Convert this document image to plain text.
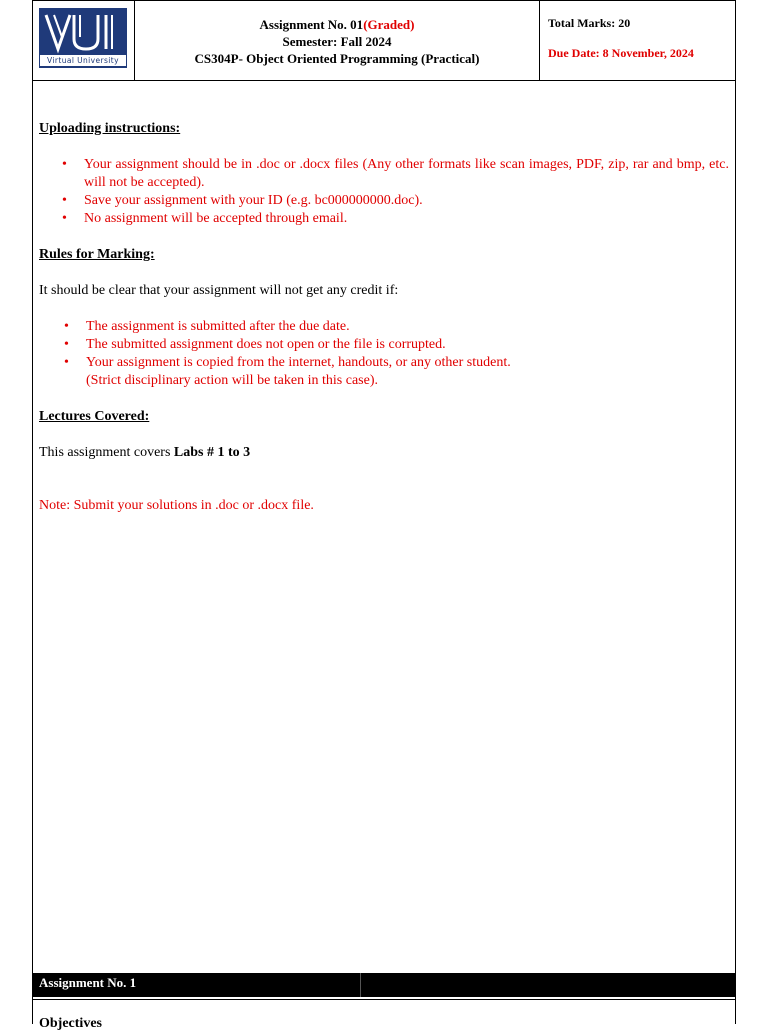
Virtual University
Assignment No. 01(Graded)
Semester: Fall 2024
CS304P- Object Oriented Programming (Practical)
Total Marks: 20
Due Date: 8 November, 2024
Uploading instructions:
• Your assignment should be in .doc or .docx files (Any other formats like scan images, PDF, zip, rar and bmp, etc. will not be accepted).
• Save your assignment with your ID (e.g. bc000000000.doc).
• No assignment will be accepted through email.
Rules for Marking:
It should be clear that your assignment will not get any credit if:
• The assignment is submitted after the due date.
• The submitted assignment does not open or the file is corrupted.
• Your assignment is copied from the internet, handouts, or any other student.
(Strict disciplinary action will be taken in this case).
Lectures Covered:
This assignment covers Labs # 1 to 3
Note: Submit your solutions in .doc or .docx file.
Assignment No. 1
Objectives
